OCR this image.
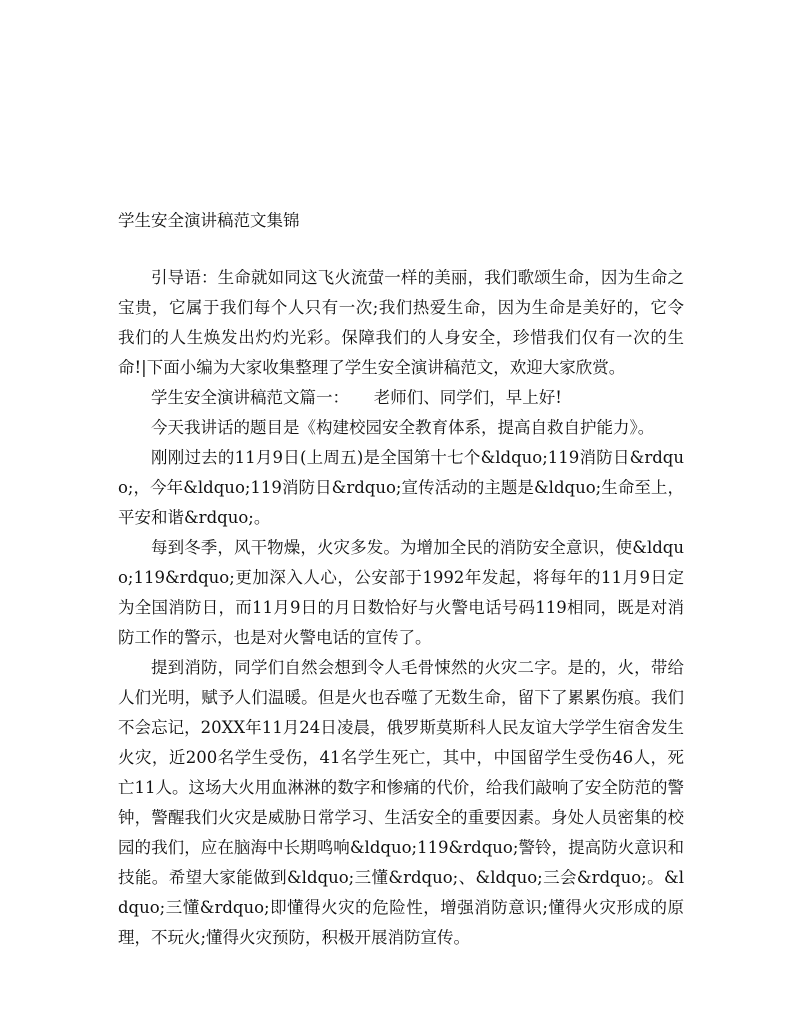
学生安全演讲稿范文集锦

引导语：生命就如同这飞火流萤一样的美丽，我们歌颂生命，因为生命之宝贵，它属于我们每个人只有一次;我们热爱生命，因为生命是美好的，它令我们的人生焕发出灼灼光彩。保障我们的人身安全，珍惜我们仅有一次的生命!|下面小编为大家收集整理了学生安全演讲稿范文，欢迎大家欣赏。

学生安全演讲稿范文篇一：　　老师们、同学们，早上好!

今天我讲话的题目是《构建校园安全教育体系，提高自救自护能力》。

刚刚过去的11月9日(上周五)是全国第十七个&ldquo;119消防日&rdquo;，今年&ldquo;119消防日&rdquo;宣传活动的主题是&ldquo;生命至上，平安和谐&rdquo;。

每到冬季，风干物燥，火灾多发。为增加全民的消防安全意识，使&ldquo;119&rdquo;更加深入人心，公安部于1992年发起，将每年的11月9日定为全国消防日，而11月9日的月日数恰好与火警电话号码119相同，既是对消防工作的警示，也是对火警电话的宣传了。

提到消防，同学们自然会想到令人毛骨悚然的火灾二字。是的，火，带给人们光明，赋予人们温暖。但是火也吞噬了无数生命，留下了累累伤痕。我们不会忘记，20XX年11月24日凌晨，俄罗斯莫斯科人民友谊大学学生宿舍发生火灾，近200名学生受伤，41名学生死亡，其中，中国留学生受伤46人，死亡11人。这场大火用血淋淋的数字和惨痛的代价，给我们敲响了安全防范的警钟，警醒我们火灾是威胁日常学习、生活安全的重要因素。身处人员密集的校园的我们，应在脑海中长期鸣响&ldquo;119&rdquo;警铃，提高防火意识和技能。希望大家能做到&ldquo;三懂&rdquo;、&ldquo;三会&rdquo;。&ldquo;三懂&rdquo;即懂得火灾的危险性，增强消防意识;懂得火灾形成的原理，不玩火;懂得火灾预防，积极开展消防宣传。
